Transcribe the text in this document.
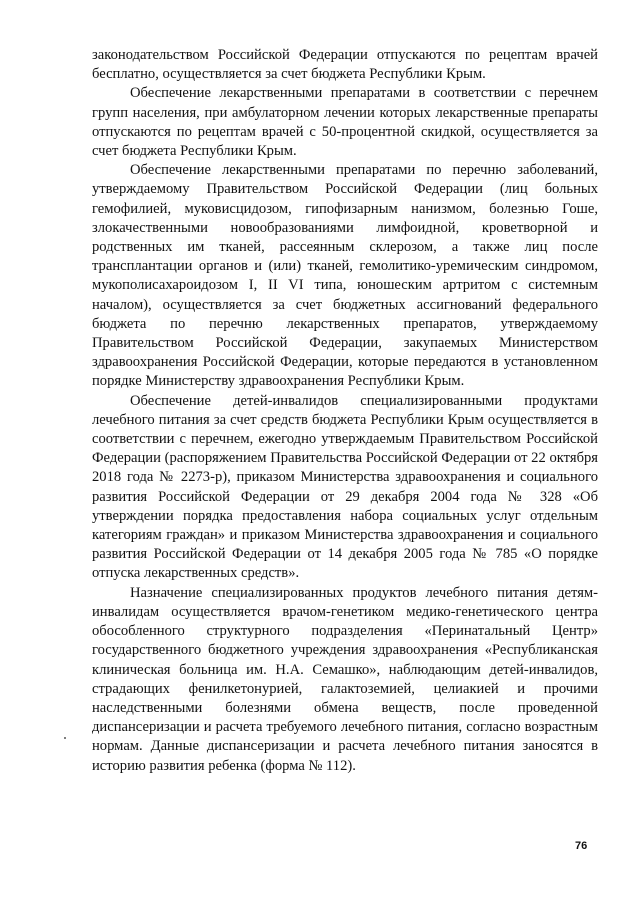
законодательством Российской Федерации отпускаются по рецептам врачей бесплатно, осуществляется за счет бюджета Республики Крым.

Обеспечение лекарственными препаратами в соответствии с перечнем групп населения, при амбулаторном лечении которых лекарственные препараты отпускаются по рецептам врачей с 50-процентной скидкой, осуществляется за счет бюджета Республики Крым.

Обеспечение лекарственными препаратами по перечню заболеваний, утверждаемому Правительством Российской Федерации (лиц больных гемофилией, муковисцидозом, гипофизарным нанизмом, болезнью Гоше, злокачественными новообразованиями лимфоидной, кроветворной и родственных им тканей, рассеянным склерозом, а также лиц после трансплантации органов и (или) тканей, гемолитико-уремическим синдромом, мукополисахароидозом I, II VI типа, юношеским артритом с системным началом), осуществляется за счет бюджетных ассигнований федерального бюджета по перечню лекарственных препаратов, утверждаемому Правительством Российской Федерации, закупаемых Министерством здравоохранения Российской Федерации, которые передаются в установленном порядке Министерству здравоохранения Республики Крым.

Обеспечение детей-инвалидов специализированными продуктами лечебного питания за счет средств бюджета Республики Крым осуществляется в соответствии с перечнем, ежегодно утверждаемым Правительством Российской Федерации (распоряжением Правительства Российской Федерации от 22 октября 2018 года № 2273-р), приказом Министерства здравоохранения и социального развития Российской Федерации от 29 декабря 2004 года № 328 «Об утверждении порядка предоставления набора социальных услуг отдельным категориям граждан» и приказом Министерства здравоохранения и социального развития Российской Федерации от 14 декабря 2005 года № 785 «О порядке отпуска лекарственных средств».

Назначение специализированных продуктов лечебного питания детям-инвалидам осуществляется врачом-генетиком медико-генетического центра обособленного структурного подразделения «Перинатальный Центр» государственного бюджетного учреждения здравоохранения «Республиканская клиническая больница им. Н.А. Семашко», наблюдающим детей-инвалидов, страдающих фенилкетонурией, галактоземией, целиакией и прочими наследственными болезнями обмена веществ, после проведенной диспансеризации и расчета требуемого лечебного питания, согласно возрастным нормам. Данные диспансеризации и расчета лечебного питания заносятся в историю развития ребенка (форма № 112).

76
